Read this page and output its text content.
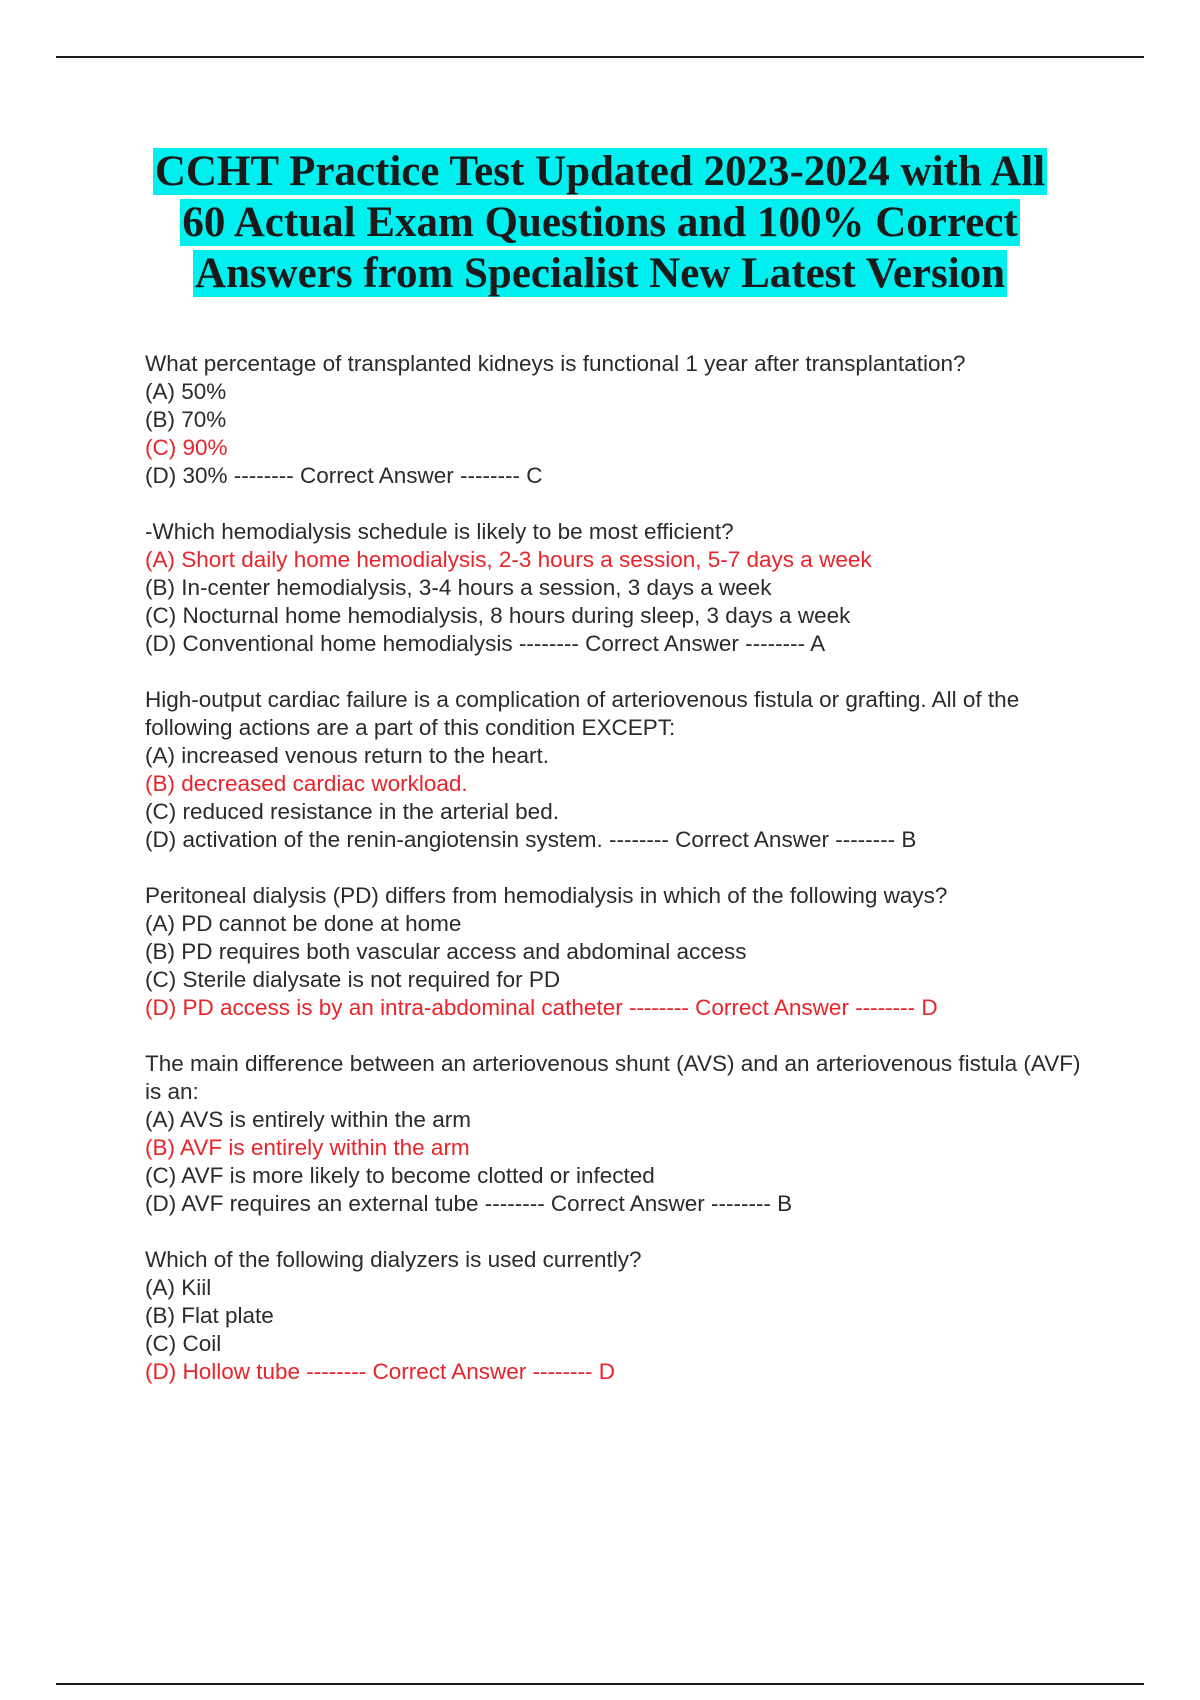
CCHT Practice Test Updated 2023-2024 with All
60 Actual Exam Questions and 100% Correct
Answers from Specialist New Latest Version
What percentage of transplanted kidneys is functional 1 year after transplantation?
(A) 50%
(B) 70%
(C) 90%
(D) 30% -------- Correct Answer -------- C
-Which hemodialysis schedule is likely to be most efficient?
(A) Short daily home hemodialysis, 2-3 hours a session, 5-7 days a week
(B) In-center hemodialysis, 3-4 hours a session, 3 days a week
(C) Nocturnal home hemodialysis, 8 hours during sleep, 3 days a week
(D) Conventional home hemodialysis -------- Correct Answer -------- A
High-output cardiac failure is a complication of arteriovenous fistula or grafting. All of the following actions are a part of this condition EXCEPT:
(A) increased venous return to the heart.
(B) decreased cardiac workload.
(C) reduced resistance in the arterial bed.
(D) activation of the renin-angiotensin system. -------- Correct Answer -------- B
Peritoneal dialysis (PD) differs from hemodialysis in which of the following ways?
(A) PD cannot be done at home
(B) PD requires both vascular access and abdominal access
(C) Sterile dialysate is not required for PD
(D) PD access is by an intra-abdominal catheter -------- Correct Answer -------- D
The main difference between an arteriovenous shunt (AVS) and an arteriovenous fistula (AVF) is an:
(A) AVS is entirely within the arm
(B) AVF is entirely within the arm
(C) AVF is more likely to become clotted or infected
(D) AVF requires an external tube -------- Correct Answer -------- B
Which of the following dialyzers is used currently?
(A) Kiil
(B) Flat plate
(C) Coil
(D) Hollow tube -------- Correct Answer -------- D
